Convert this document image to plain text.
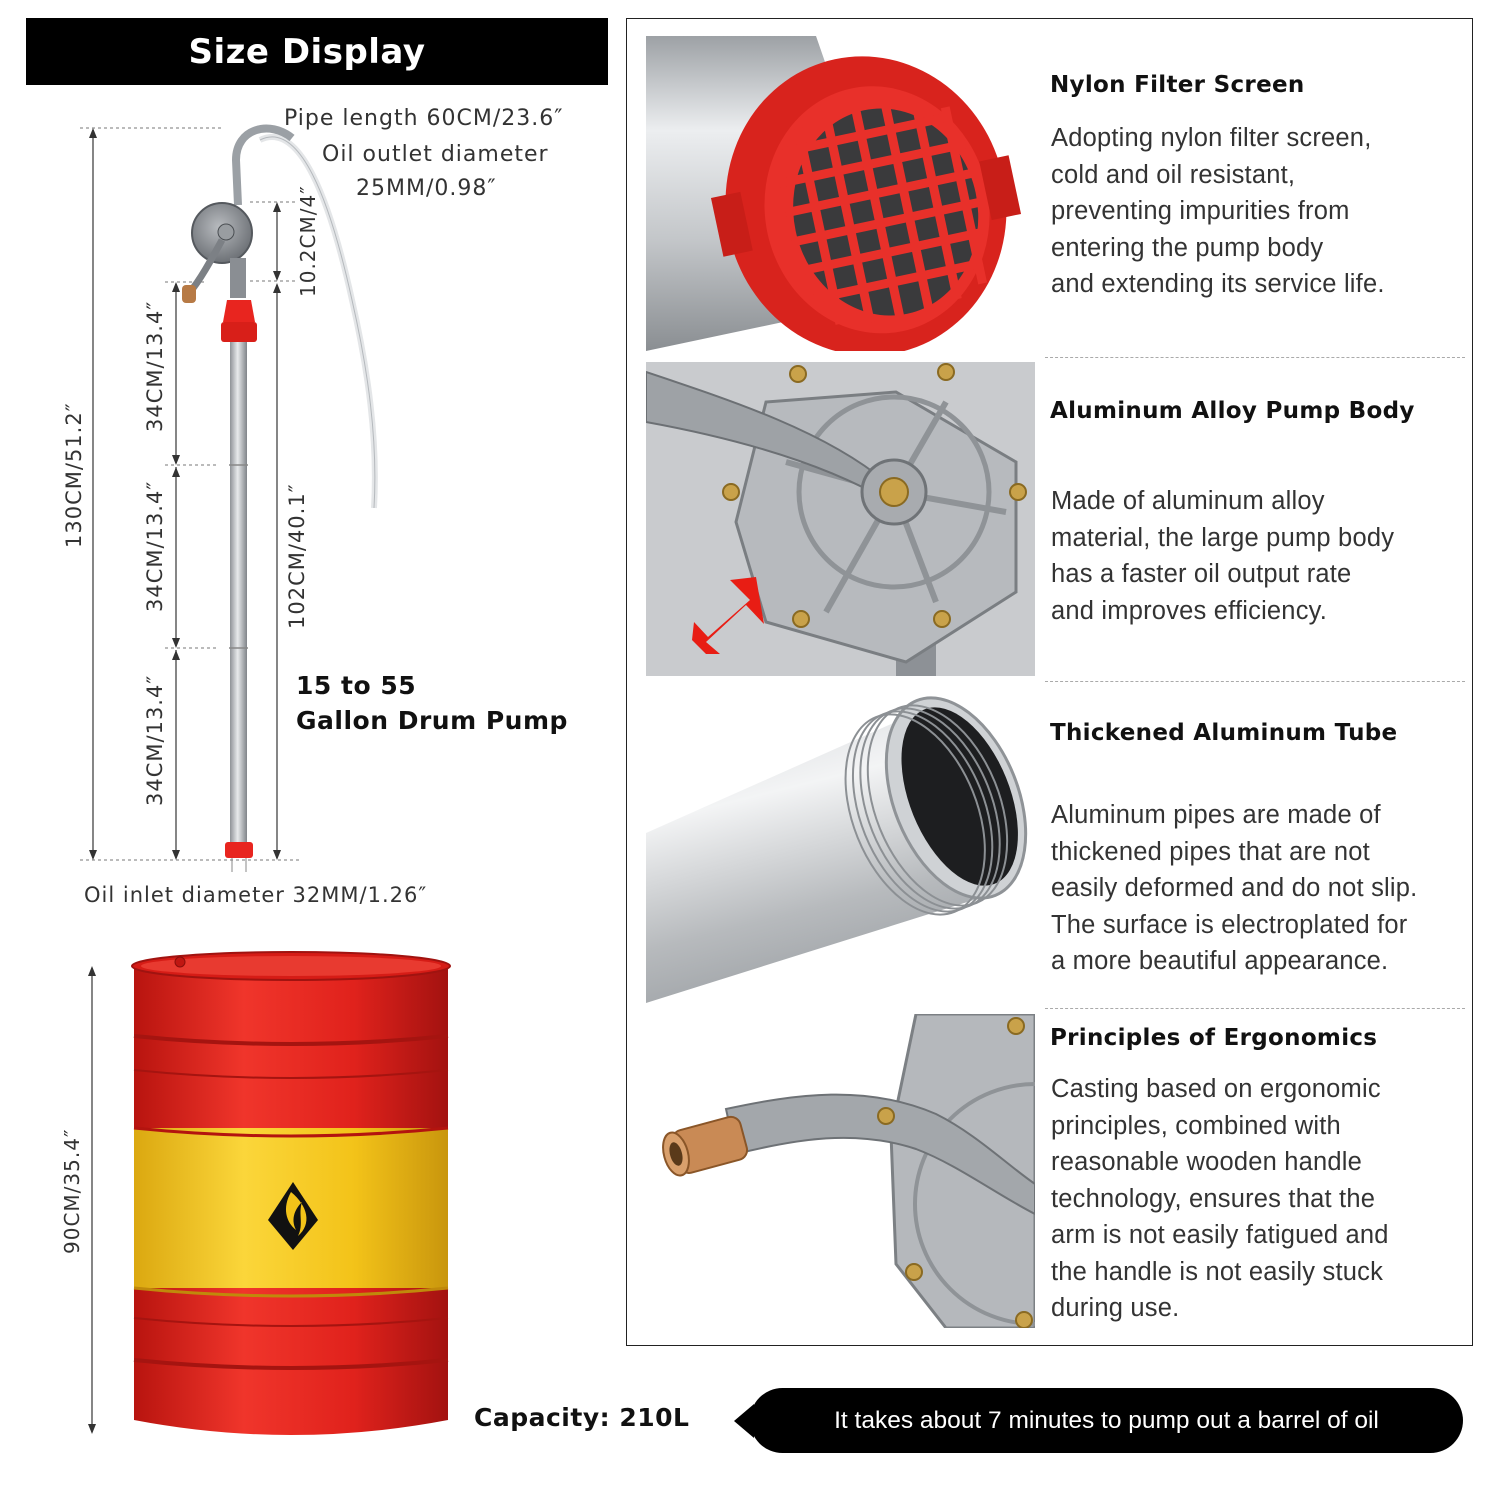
Size Display
Pipe length 60CM/23.6″
Oil outlet diameter
25MM/0.98″
130CM/51.2″
34CM/13.4″
34CM/13.4″
34CM/13.4″
10.2CM/4″
102CM/40.1″
15 to 55
Gallon Drum Pump
Oil inlet diameter 32MM/1.26″
90CM/35.4″
Nylon Filter Screen
Adopting nylon filter screen,
cold and oil resistant,
preventing impurities from
entering the pump body
and extending its service life.
Aluminum Alloy Pump Body
Made of aluminum alloy
material, the large pump body
has a faster oil output rate
and improves efficiency.
Thickened Aluminum Tube
Aluminum pipes are made of
thickened pipes that are not
easily deformed and do not slip.
The surface is electroplated for
a more beautiful appearance.
Principles of Ergonomics
Casting based on ergonomic
principles, combined with
reasonable wooden handle
technology, ensures that the
arm is not easily fatigued and
the handle is not easily stuck
during use.
Capacity: 210L	It takes about 7 minutes to pump out a barrel of oil
